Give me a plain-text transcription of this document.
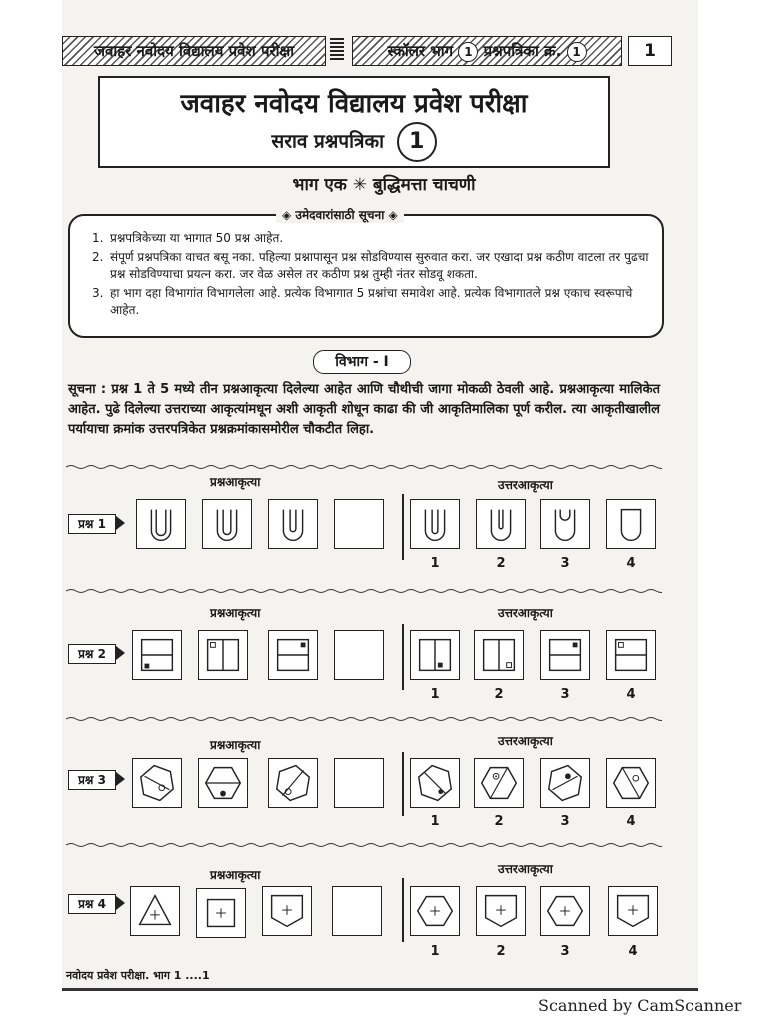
जवाहर नवोदय विद्यालय प्रवेश परीक्षा	स्कॉलर भाग 1 प्रश्नपत्रिका क्र. 1	1
जवाहर नवोदय विद्यालय प्रवेश परीक्षा
सराव प्रश्नपत्रिका 1
भाग एक ✳ बुद्धिमत्ता चाचणी
◈ उमेदवारांसाठी सूचना ◈
1. प्रश्नपत्रिकेच्या या भागात 50 प्रश्न आहेत.
2. संपूर्ण प्रश्नपत्रिका वाचत बसू नका. पहिल्या प्रश्नापासून प्रश्न सोडविण्यास सुरुवात करा. जर एखादा प्रश्न कठीण वाटला तर पुढचा प्रश्न सोडविण्याचा प्रयत्न करा. जर वेळ असेल तर कठीण प्रश्न तुम्ही नंतर सोडवू शकता.
3. हा भाग दहा विभागांत विभागलेला आहे. प्रत्येक विभागात 5 प्रश्नांचा समावेश आहे. प्रत्येक विभागातले प्रश्न एकाच स्वरूपाचे आहेत.
विभाग - I
सूचना : प्रश्न 1 ते 5 मध्ये तीन प्रश्नआकृत्या दिलेल्या आहेत आणि चौथीची जागा मोकळी ठेवली आहे. प्रश्नआकृत्या मालिकेत आहेत. पुढे दिलेल्या उत्तराच्या आकृत्यांमधून अशी आकृती शोधून काढा की जी आकृतिमालिका पूर्ण करील. त्या आकृतीखालील पर्यायाचा क्रमांक उत्तरपत्रिकेत प्रश्नक्रमांकासमोरील चौकटीत लिहा.
प्रश्नआकृत्या	उत्तरआकृत्या
प्रश्न 1
1	2	3	4
प्रश्नआकृत्या	उत्तरआकृत्या
प्रश्न 2
1	2	3	4
प्रश्नआकृत्या	उत्तरआकृत्या
प्रश्न 3
1	2	3	4
प्रश्नआकृत्या	उत्तरआकृत्या
प्रश्न 4
1	2	3	4
नवोदय प्रवेश परीक्षा. भाग 1 ....1
Scanned by CamScanner
